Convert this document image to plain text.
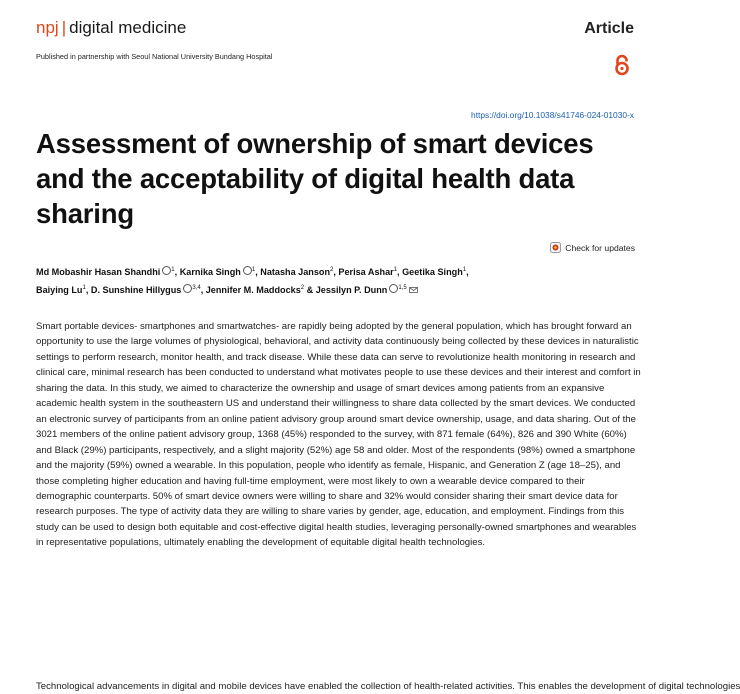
npj | digital medicine	Article
Published in partnership with Seoul National University Bundang Hospital
https://doi.org/10.1038/s41746-024-01030-x
Assessment of ownership of smart devices and the acceptability of digital health data sharing
Check for updates
Md Mobashir Hasan Shandhi $^1$, Karnika Singh $^1$, Natasha Janson$^2$, Perisa Ashar$^1$, Geetika Singh$^1$,
Baiying Lu$^1$, D. Sunshine Hillygus $^{3,4}$, Jennifer M. Maddocks$^2$ & Jessilyn P. Dunn $^{1,5}$

Smart portable devices- smartphones and smartwatches- are rapidly being adopted by the general population, which has brought forward an opportunity to use the large volumes of physiological, behavioral, and activity data continuously being collected by these devices in naturalistic settings to perform research, monitor health, and track disease. While these data can serve to revolutionize health monitoring in research and clinical care, minimal research has been conducted to understand what motivates people to use these devices and their interest and comfort in sharing the data. In this study, we aimed to characterize the ownership and usage of smart devices among patients from an expansive academic health system in the southeastern US and understand their willingness to share data collected by the smart devices. We conducted an electronic survey of participants from an online patient advisory group around smart device ownership, usage, and data sharing. Out of the 3021 members of the online patient advisory group, 1368 (45%) responded to the survey, with 871 female (64%), 826 and 390 White (60%) and Black (29%) participants, respectively, and a slight majority (52%) age 58 and older. Most of the respondents (98%) owned a smartphone and the majority (59%) owned a wearable. In this population, people who identify as female, Hispanic, and Generation Z (age 18–25), and those completing higher education and having full-time employment, were most likely to own a wearable device compared to their demographic counterparts. 50% of smart device owners were willing to share and 32% would consider sharing their smart device data for research purposes. The type of activity data they are willing to share varies by gender, age, education, and employment. Findings from this study can be used to design both equitable and cost-effective digital health studies, leveraging personally-owned smartphones and wearables in representative populations, ultimately enabling the development of equitable digital health technologies.

Technological advancements in digital and mobile devices have enabled the collection of health-related activities. This enables the development of digital technologies
